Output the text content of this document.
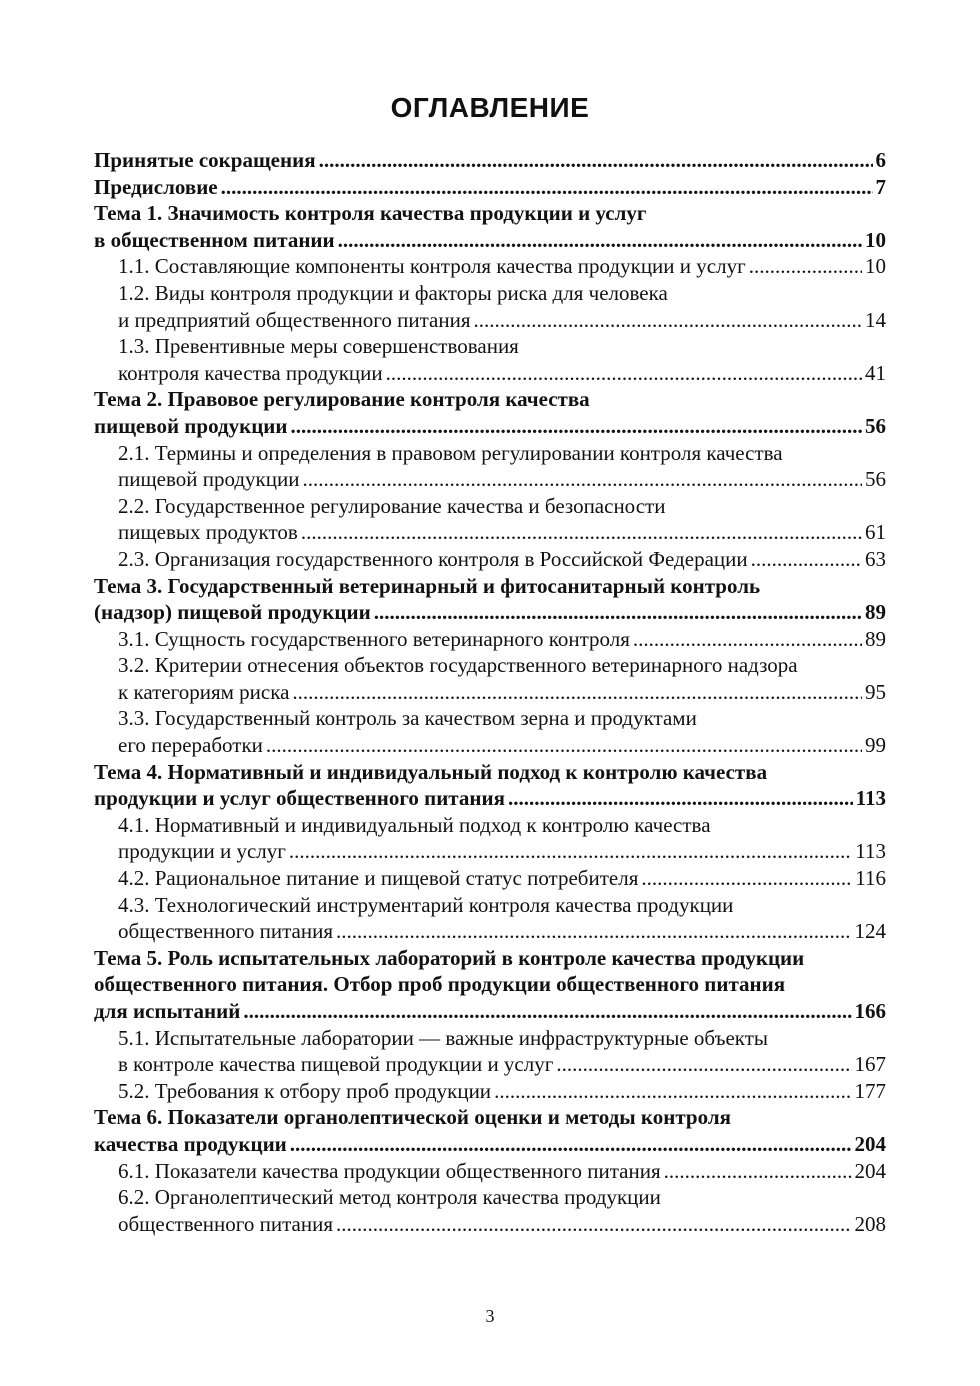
ОГЛАВЛЕНИЕ
Принятые сокращения .....	6
Предисловие .....	7
Тема 1. Значимость контроля качества продукции и услуг
в общественном питании .....	10
1.1. Составляющие компоненты контроля качества продукции и услуг .....	10
1.2. Виды контроля продукции и факторы риска для человека
и предприятий общественного питания .....	14
1.3. Превентивные меры совершенствования
контроля качества продукции .....	41
Тема 2. Правовое регулирование контроля качества
пищевой продукции .....	56
2.1. Термины и определения в правовом регулировании контроля качества
пищевой продукции .....	56
2.2. Государственное регулирование качества и безопасности
пищевых продуктов .....	61
2.3. Организация государственного контроля в Российской Федерации .....	63
Тема 3. Государственный ветеринарный и фитосанитарный контроль
(надзор) пищевой продукции .....	89
3.1. Сущность государственного ветеринарного контроля .....	89
3.2. Критерии отнесения объектов государственного ветеринарного надзора
к категориям риска .....	95
3.3. Государственный контроль за качеством зерна и продуктами
его переработки .....	99
Тема 4. Нормативный и индивидуальный подход к контролю качества
продукции и услуг общественного питания .....	113
4.1. Нормативный и индивидуальный подход к контролю качества
продукции и услуг .....	113
4.2. Рациональное питание и пищевой статус потребителя .....	116
4.3. Технологический инструментарий контроля качества продукции
общественного питания .....	124
Тема 5. Роль испытательных лабораторий в контроле качества продукции
общественного питания. Отбор проб продукции общественного питания
для испытаний .....	166
5.1. Испытательные лаборатории — важные инфраструктурные объекты
в контроле качества пищевой продукции и услуг .....	167
5.2. Требования к отбору проб продукции .....	177
Тема 6. Показатели органолептической оценки и методы контроля
качества продукции .....	204
6.1. Показатели качества продукции общественного питания .....	204
6.2. Органолептический метод контроля качества продукции
общественного питания .....	208
3
